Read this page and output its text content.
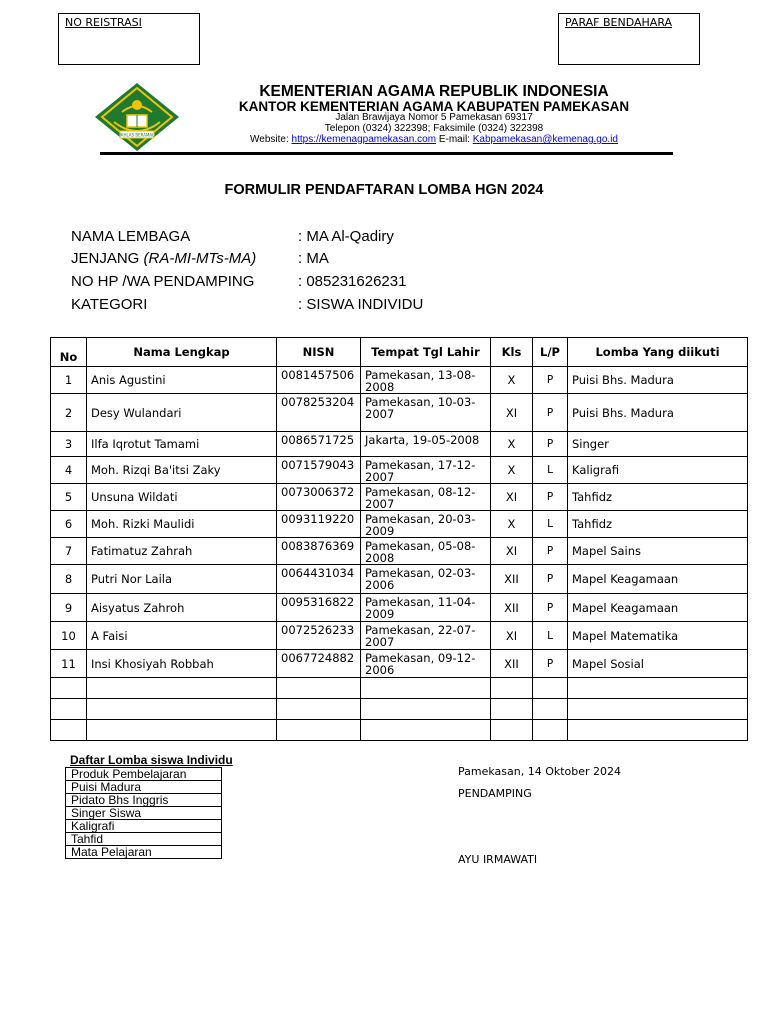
NO REISTRASI	PARAF BENDAHARA
IKHLAS BERAMAL
KEMENTERIAN AGAMA REPUBLIK INDONESIA
KANTOR KEMENTERIAN AGAMA KABUPATEN PAMEKASAN
Jalan Brawijaya Nomor 5 Pamekasan 69317
Telepon (0324) 322398; Faksimile (0324) 322398
Website: https://kemenagpamekasan.com E-mail: Kabpamekasan@kemenag.go.id
FORMULIR PENDAFTARAN LOMBA HGN 2024
NAMA LEMBAGA	: MA Al-Qadiry
JENJANG (RA-MI-MTs-MA)	: MA
NO HP /WA PENDAMPING	: 085231626231
KATEGORI	: SISWA INDIVIDU
No	Nama Lengkap	NISN	Tempat Tgl Lahir	Kls	L/P	Lomba Yang diikuti
1	Anis Agustini	0081457506	Pamekasan, 13-08-2008	X	P	Puisi Bhs. Madura
2	Desy Wulandari	0078253204	Pamekasan, 10-03-2007	XI	P	Puisi Bhs. Madura
3	Ilfa Iqrotut Tamami	0086571725	Jakarta, 19-05-2008	X	P	Singer
4	Moh. Rizqi Ba'itsi Zaky	0071579043	Pamekasan, 17-12-2007	X	L	Kaligrafi
5	Unsuna Wildati	0073006372	Pamekasan, 08-12-2007	XI	P	Tahfidz
6	Moh. Rizki Maulidi	0093119220	Pamekasan, 20-03-2009	X	L	Tahfidz
7	Fatimatuz Zahrah	0083876369	Pamekasan, 05-08-2008	XI	P	Mapel Sains
8	Putri Nor Laila	0064431034	Pamekasan, 02-03-2006	XII	P	Mapel Keagamaan
9	Aisyatus Zahroh	0095316822	Pamekasan, 11-04-2009	XII	P	Mapel Keagamaan
10	A Faisi	0072526233	Pamekasan, 22-07-2007	XI	L	Mapel Matematika
11	Insi Khosiyah Robbah	0067724882	Pamekasan, 09-12-2006	XII	P	Mapel Sosial

Daftar Lomba siswa Individu
Produk Pembelajaran
Puisi Madura
Pidato Bhs Inggris
Singer Siswa
Kaligrafi
Tahfid
Mata Pelajaran
Pamekasan, 14 Oktober 2024
PENDAMPING
AYU IRMAWATI
